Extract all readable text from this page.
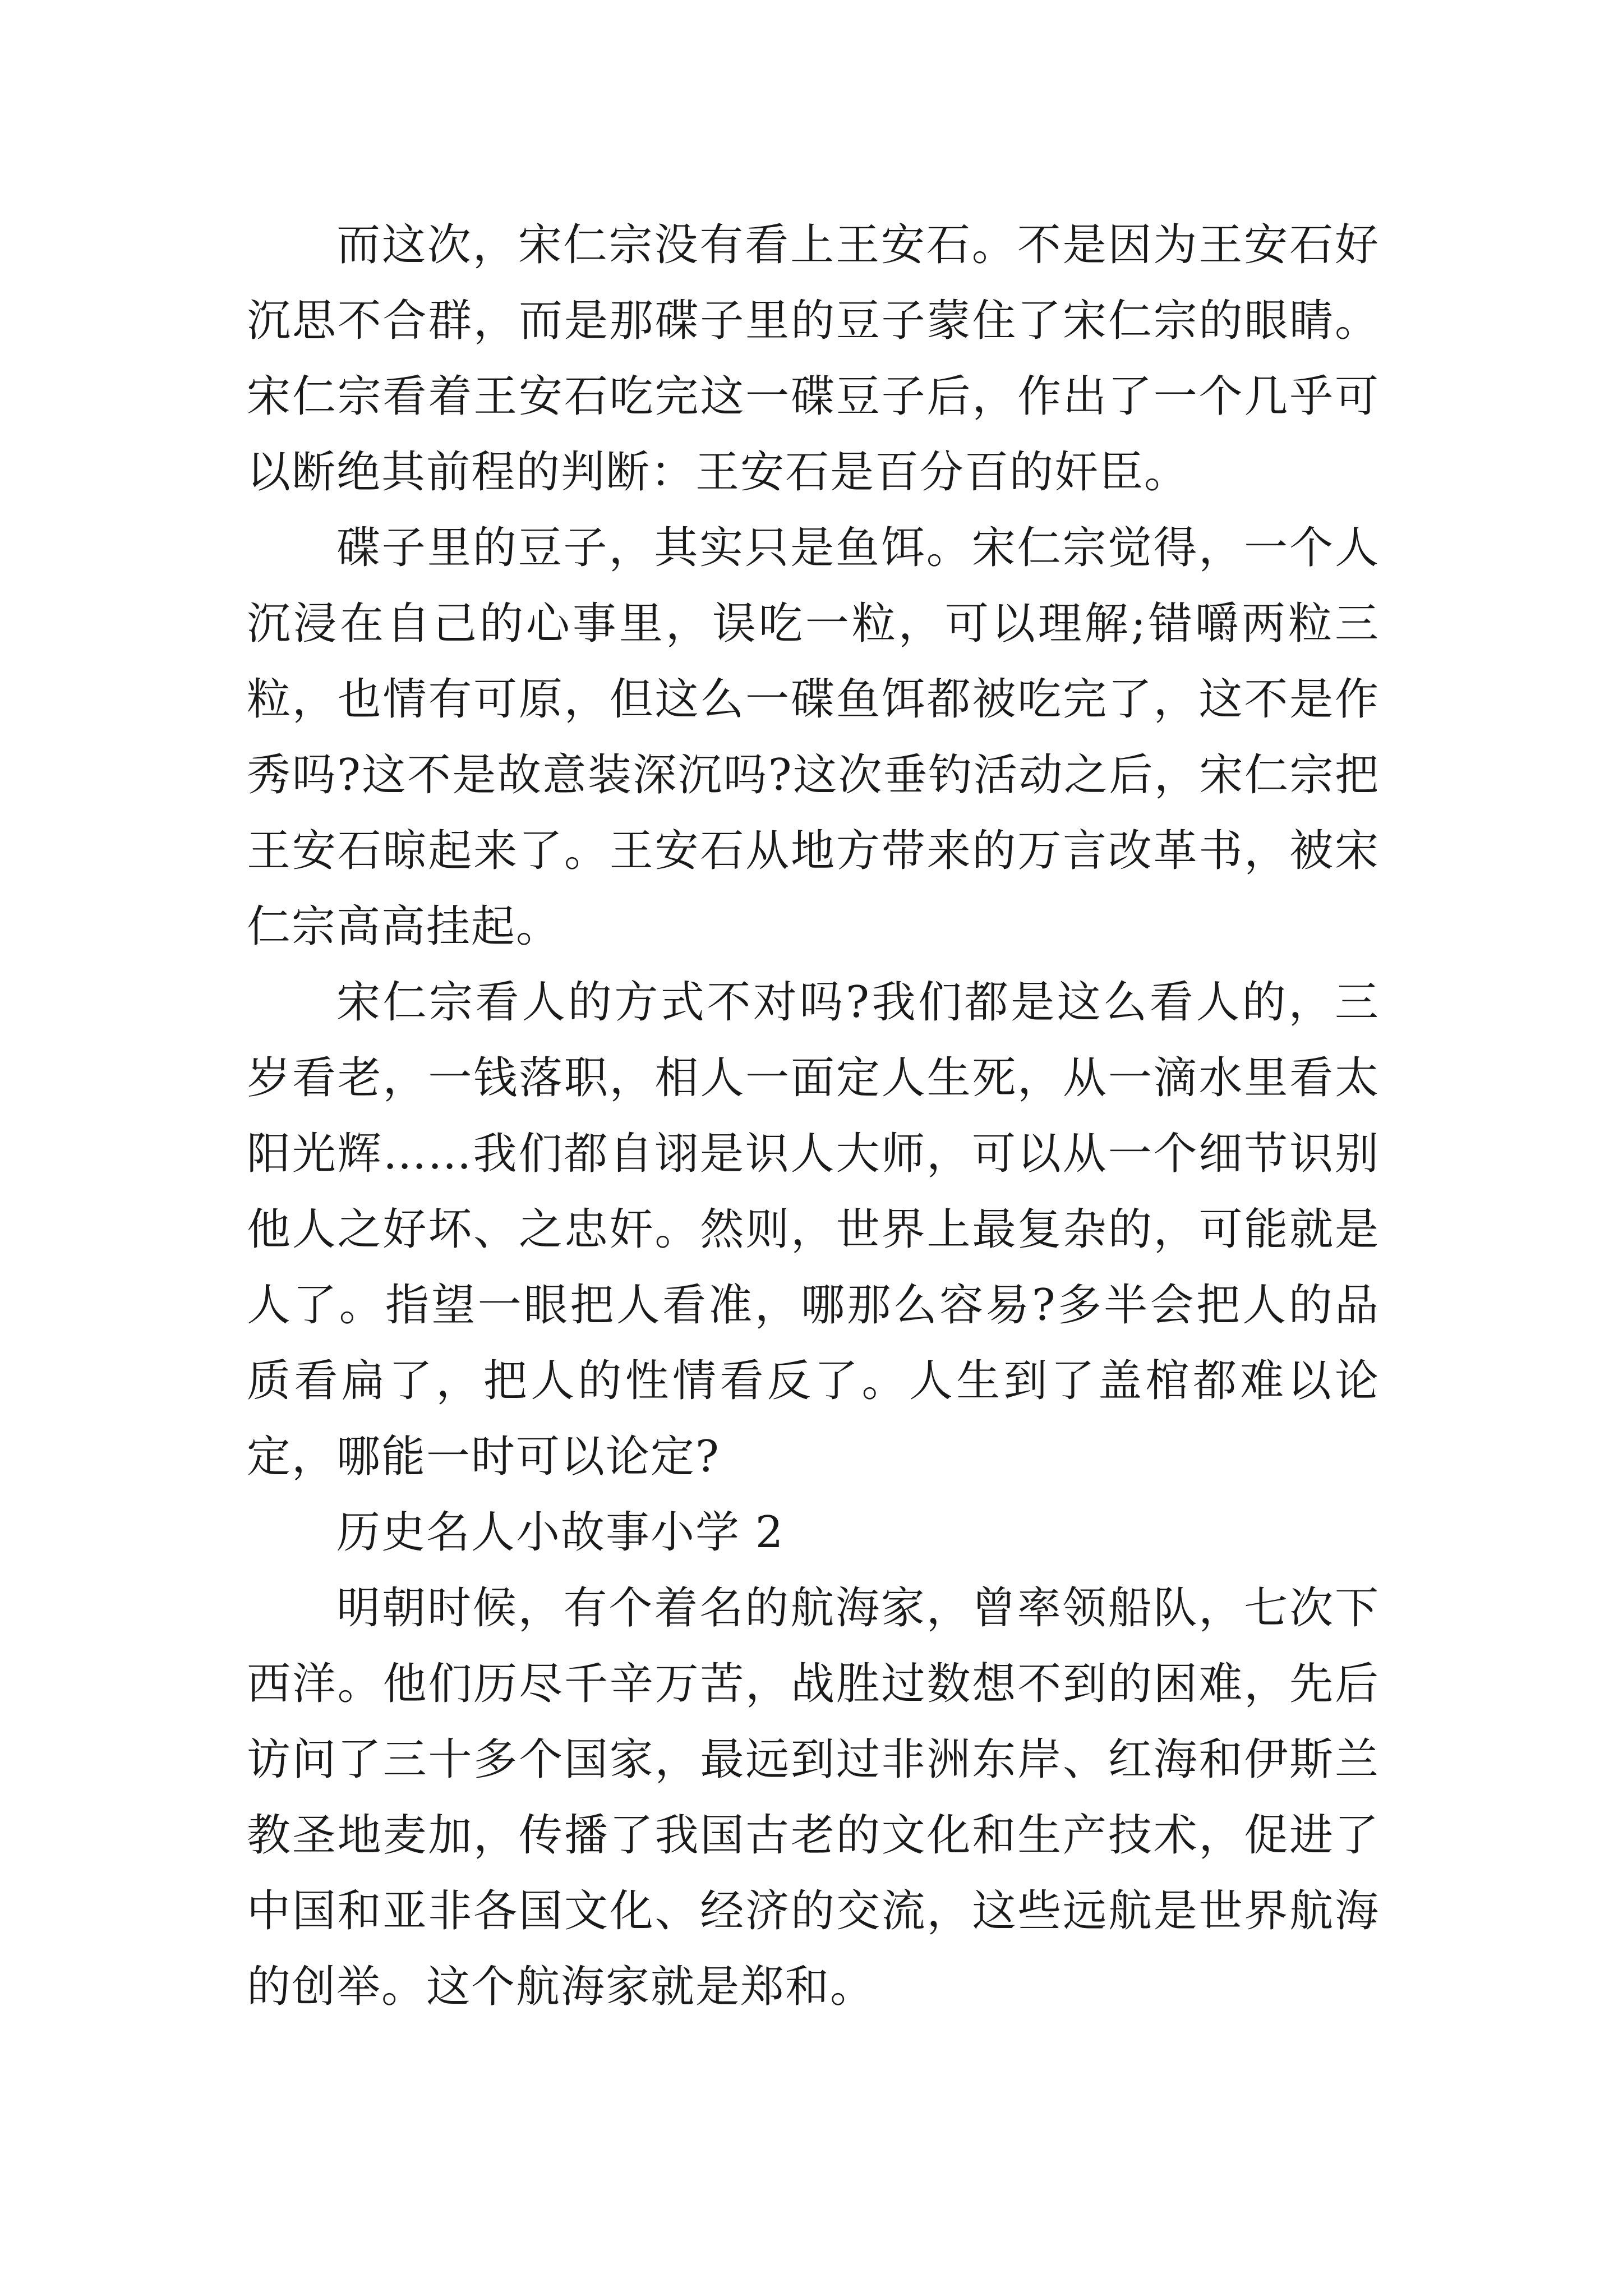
而这次，宋仁宗没有看上王安石。不是因为王安石好沉思不合群，而是那碟子里的豆子蒙住了宋仁宗的眼睛。宋仁宗看着王安石吃完这一碟豆子后，作出了一个几乎可以断绝其前程的判断：王安石是百分百的奸臣。

碟子里的豆子，其实只是鱼饵。宋仁宗觉得，一个人沉浸在自己的心事里，误吃一粒，可以理解;错嚼两粒三粒，也情有可原，但这么一碟鱼饵都被吃完了，这不是作秀吗?这不是故意装深沉吗?这次垂钓活动之后，宋仁宗把王安石晾起来了。王安石从地方带来的万言改革书，被宋仁宗高高挂起。

宋仁宗看人的方式不对吗?我们都是这么看人的，三岁看老，一钱落职，相人一面定人生死，从一滴水里看太阳光辉……我们都自诩是识人大师，可以从一个细节识别他人之好坏、之忠奸。然则，世界上最复杂的，可能就是人了。指望一眼把人看准，哪那么容易?多半会把人的品质看扁了，把人的性情看反了。人生到了盖棺都难以论定，哪能一时可以论定?

历史名人小故事小学 2

明朝时候，有个着名的航海家，曾率领船队，七次下西洋。他们历尽千辛万苦，战胜过数想不到的困难，先后访问了三十多个国家，最远到过非洲东岸、红海和伊斯兰教圣地麦加，传播了我国古老的文化和生产技术，促进了中国和亚非各国文化、经济的交流，这些远航是世界航海的创举。这个航海家就是郑和。
